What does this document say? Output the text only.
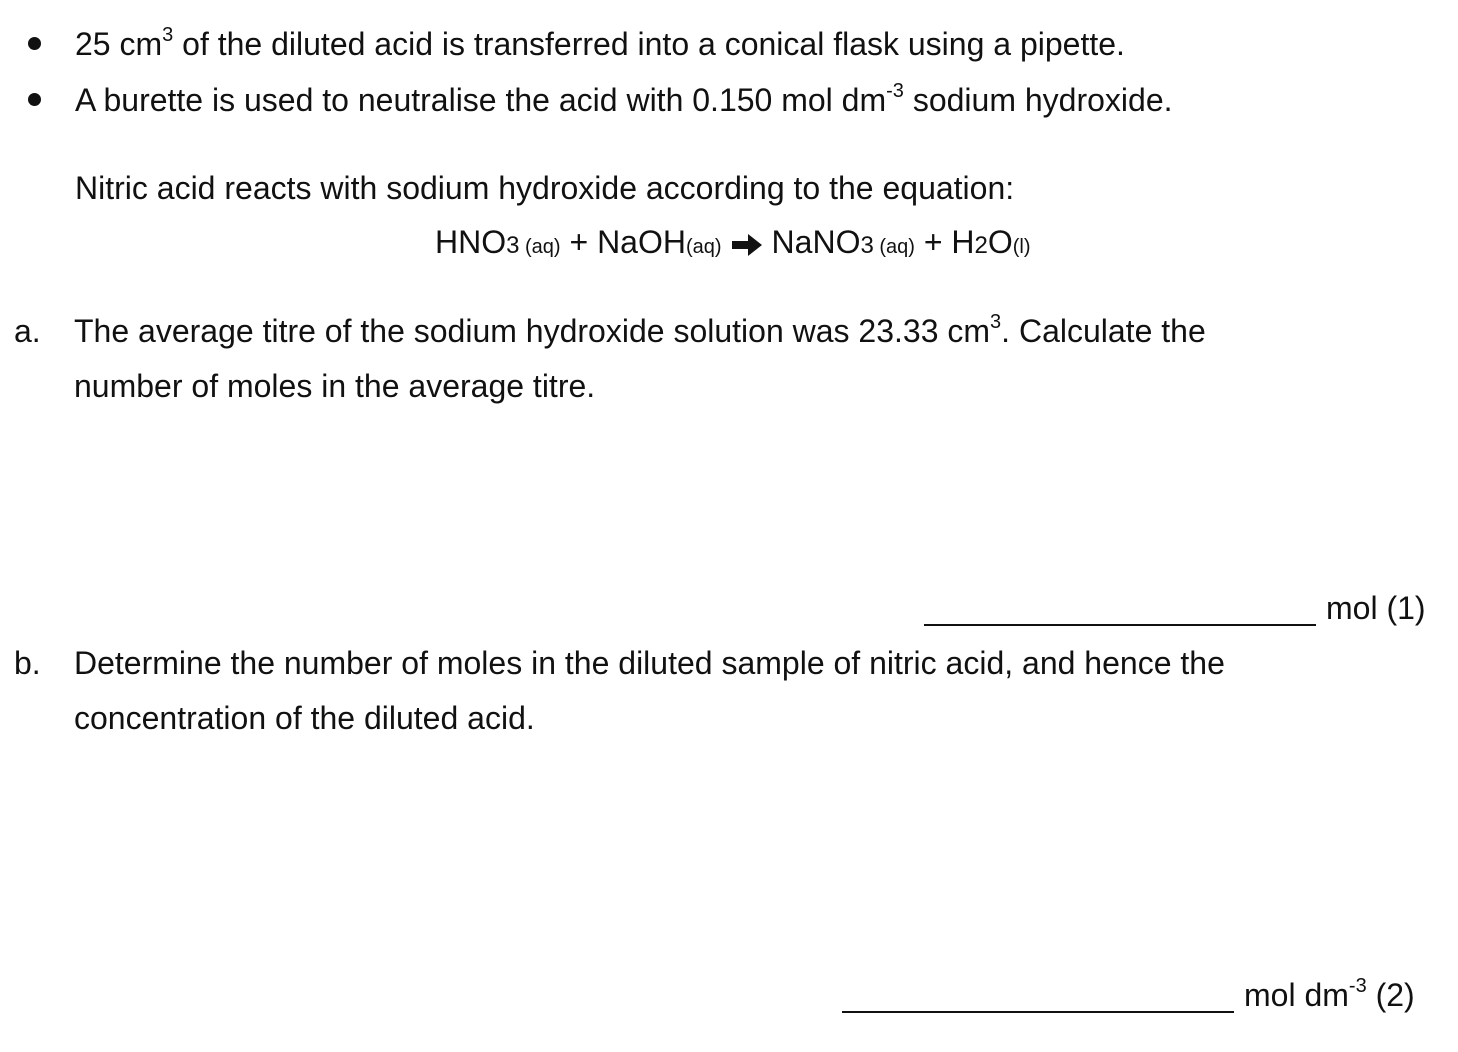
25 $cm^3$ of the diluted acid is transferred into a conical flask using a pipette.
A burette is used to neutralise the acid with 0.150 mol $dm^{-3}$ sodium hydroxide.
Nitric acid reacts with sodium hydroxide according to the equation:
HNO3 (aq) + NaOH(aq) → NaNO3 (aq) + H2O(l)
a. The average titre of the sodium hydroxide solution was 23.33 $cm^3$. Calculate the
number of moles in the average titre.
mol (1)
b. Determine the number of moles in the diluted sample of nitric acid, and hence the
concentration of the diluted acid.
mol $dm^{-3}$ (2)
